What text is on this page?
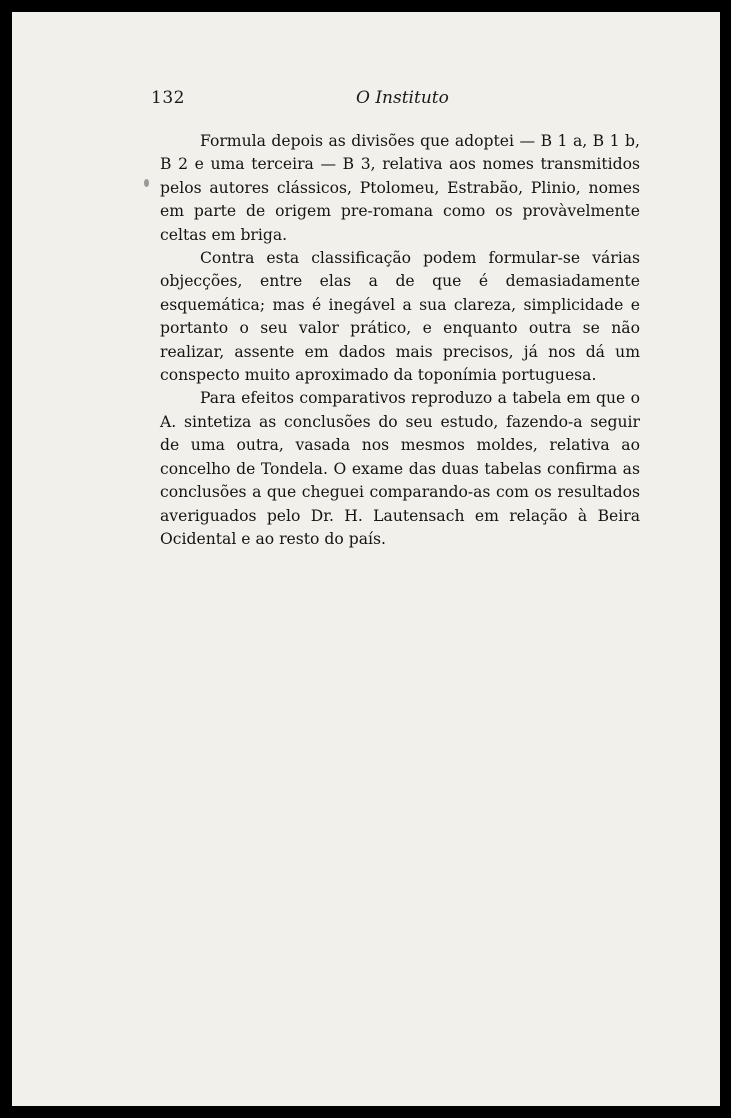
132	O Instituto

Formula depois as divisões que adoptei — B 1 a, B 1 b, B 2 e uma terceira — B 3, relativa aos nomes transmitidos pelos autores clássicos, Ptolomeu, Estrabão, Plinio, nomes em parte de origem pre-romana como os provàvelmente celtas em briga.

Contra esta classificação podem formular-se várias objecções, entre elas a de que é demasiadamente esquemática; mas é inegável a sua clareza, simplicidade e portanto o seu valor prático, e enquanto outra se não realizar, assente em dados mais precisos, já nos dá um conspecto muito aproximado da toponímia portuguesa.

Para efeitos comparativos reproduzo a tabela em que o A. sintetiza as conclusões do seu estudo, fazendo-a seguir de uma outra, vasada nos mesmos moldes, relativa ao concelho de Tondela. O exame das duas tabelas confirma as conclusões a que cheguei comparando-as com os resultados averiguados pelo Dr. H. Lautensach em relação à Beira Ocidental e ao resto do país.
